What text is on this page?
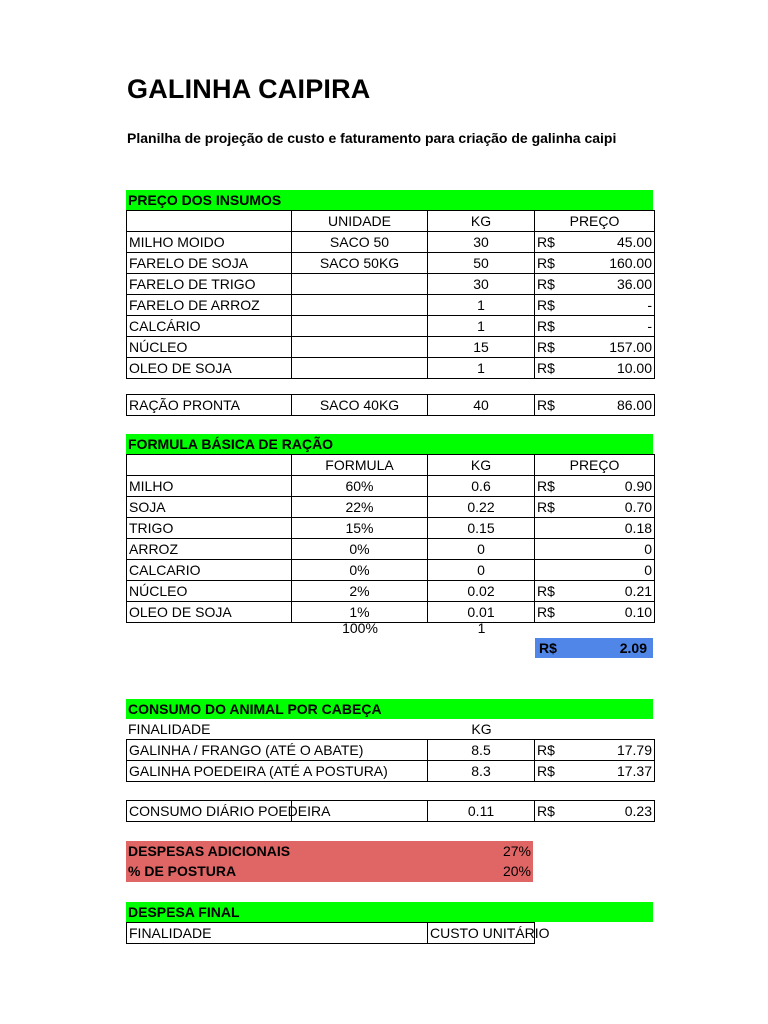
GALINHA CAIPIRA
Planilha de projeção de custo e faturamento para criação de galinha caipi
PREÇO DOS INSUMOS
	UNIDADE	KG	PREÇO	
MILHO MOIDO	SACO 50	30	R$	45.00
FARELO DE SOJA	SACO 50KG	50	R$	160.00
FARELO DE TRIGO		30	R$	36.00
FARELO DE ARROZ		1	R$	-
CALCÁRIO		1	R$	-
NÚCLEO		15	R$	157.00
OLEO DE SOJA		1	R$	10.00
RAÇÃO PRONTA	SACO 40KG	40	R$	86.00
FORMULA BÁSICA DE RAÇÃO
	FORMULA	KG	PREÇO	
MILHO	60%	0.6	R$	0.90
SOJA	22%	0.22	R$	0.70
TRIGO	15%	0.15		0.18
ARROZ	0%	0		0
CALCARIO	0%	0		0
NÚCLEO	2%	0.02	R$	0.21
OLEO DE SOJA	1%	0.01	R$	0.10
100%	1
R$	2.09
CONSUMO DO ANIMAL POR CABEÇA
FINALIDADE	KG
GALINHA / FRANGO (ATÉ O ABATE)	8.5	R$	17.79
GALINHA POEDEIRA (ATÉ A POSTURA)	8.3	R$	17.37
CONSUMO DIÁRIO POEDEIRA		0.11	R$	0.23
DESPESAS ADICIONAIS	27%
% DE POSTURA	20%
DESPESA FINAL
FINALIDADE	CUSTO UNITÁRIO
